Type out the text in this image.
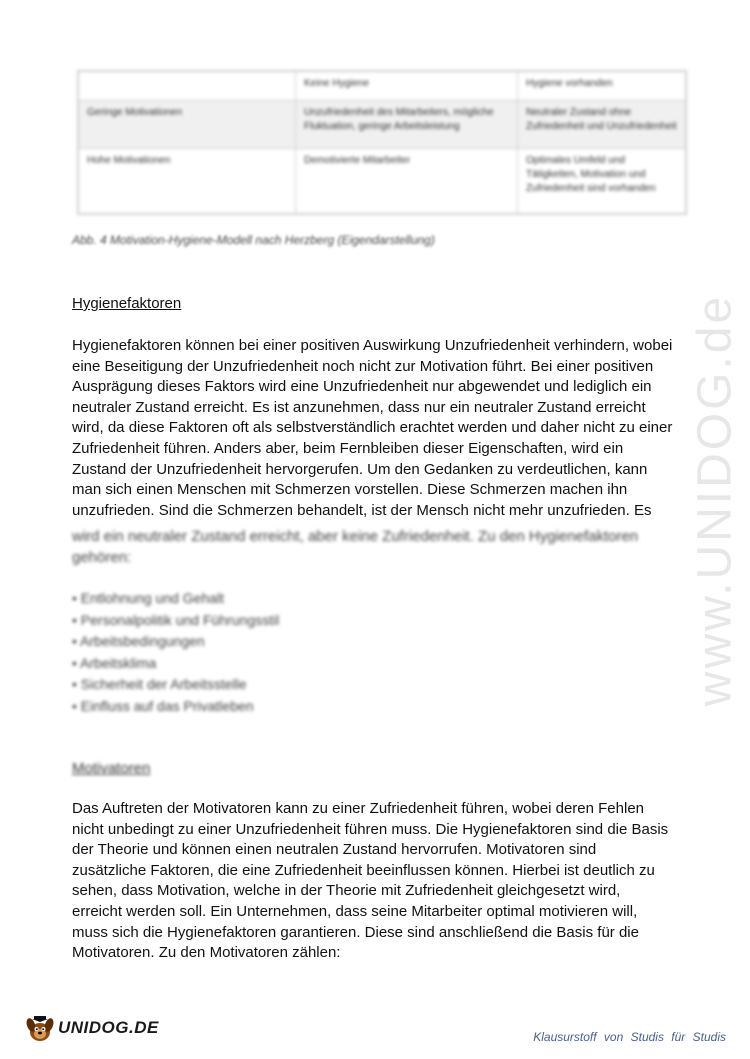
	Keine Hygiene	Hygiene vorhanden
Geringe Motivationen	Unzufriedenheit des Mitarbeiters, mögliche Fluktuation, geringe Arbeitsleistung	Neutraler Zustand ohne Zufriedenheit und Unzufriedenheit
Hohe Motivationen	Demotivierte Mitarbeiter	Optimales Umfeld und Tätigkeiten, Motivation und Zufriedenheit sind vorhanden
Abb. 4 Motivation-Hygiene-Modell nach Herzberg (Eigendarstellung)
Hygienefaktoren

Hygienefaktoren können bei einer positiven Auswirkung Unzufriedenheit verhindern, wobei

eine Beseitigung der Unzufriedenheit noch nicht zur Motivation führt. Bei einer positiven

Ausprägung dieses Faktors wird eine Unzufriedenheit nur abgewendet und lediglich ein

neutraler Zustand erreicht. Es ist anzunehmen, dass nur ein neutraler Zustand erreicht

wird, da diese Faktoren oft als selbstverständlich erachtet werden und daher nicht zu einer

Zufriedenheit führen. Anders aber, beim Fernbleiben dieser Eigenschaften, wird ein

Zustand der Unzufriedenheit hervorgerufen. Um den Gedanken zu verdeutlichen, kann

man sich einen Menschen mit Schmerzen vorstellen. Diese Schmerzen machen ihn

unzufrieden. Sind die Schmerzen behandelt, ist der Mensch nicht mehr unzufrieden. Es

wird ein neutraler Zustand erreicht, aber keine Zufriedenheit. Zu den Hygienefaktoren

gehören:

• Entlohnung und Gehalt
• Personalpolitik und Führungsstil
• Arbeitsbedingungen
• Arbeitsklima
• Sicherheit der Arbeitsstelle
• Einfluss auf das Privatleben
Motivatoren

Das Auftreten der Motivatoren kann zu einer Zufriedenheit führen, wobei deren Fehlen

nicht unbedingt zu einer Unzufriedenheit führen muss. Die Hygienefaktoren sind die Basis

der Theorie und können einen neutralen Zustand hervorrufen. Motivatoren sind

zusätzliche Faktoren, die eine Zufriedenheit beeinflussen können. Hierbei ist deutlich zu

sehen, dass Motivation, welche in der Theorie mit Zufriedenheit gleichgesetzt wird,

erreicht werden soll. Ein Unternehmen, dass seine Mitarbeiter optimal motivieren will,

muss sich die Hygienefaktoren garantieren. Diese sind anschließend die Basis für die

Motivatoren. Zu den Motivatoren zählen:

www.UNIDOG.de
UNIDOG.DE	Klausurstoff von Studis für Studis
